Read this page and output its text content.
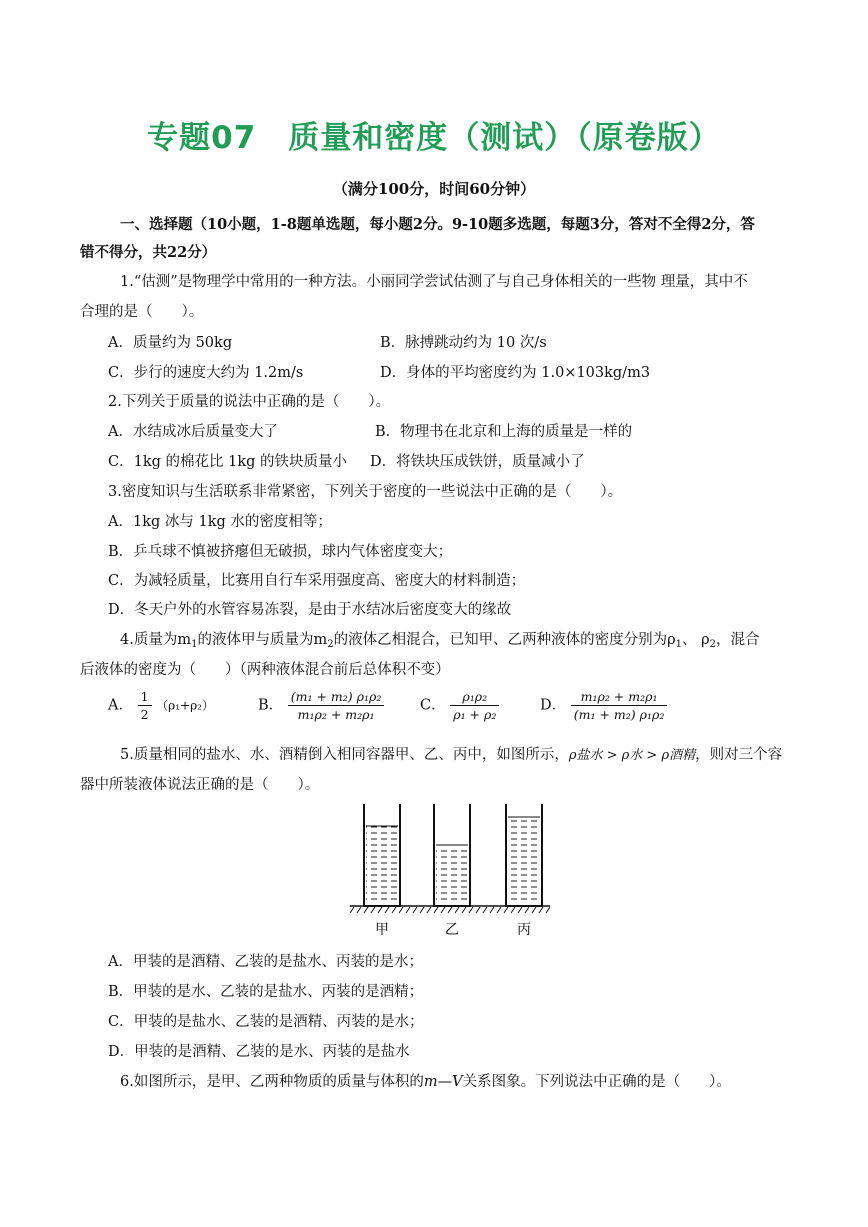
专题07　质量和密度（测试）（原卷版）
（满分100分，时间60分钟）
一、选择题（10小题，1-8题单选题，每小题2分。9-10题多选题，每题3分，答对不全得2分，答
错不得分，共22分）
1.“估测”是物理学中常用的一种方法。小丽同学尝试估测了与自己身体相关的一些物 理量，其中不
合理的是（　　）。
A．质量约为 50kg	B．脉搏跳动约为 10 次/s
C．步行的速度大约为 1.2m/s	D．身体的平均密度约为 1.0×103kg/m3
2.下列关于质量的说法中正确的是（　　）。
A．水结成冰后质量变大了	B．物理书在北京和上海的质量是一样的
C．1kg 的棉花比 1kg 的铁块质量小 D．将铁块压成铁饼，质量减小了
3.密度知识与生活联系非常紧密，下列关于密度的一些说法中正确的是（　　）。
A．1kg 冰与 1kg 水的密度相等；
B．乒乓球不慎被挤瘪但无破损，球内气体密度变大；
C．为减轻质量，比赛用自行车采用强度高、密度大的材料制造；
D．冬天户外的水管容易冻裂，是由于水结冰后密度变大的缘故
4.质量为$m_1$的液体甲与质量为$m_2$的液体乙相混合，已知甲、乙两种液体的密度分别为$\rho_1$、 $\rho_2$，混合
后液体的密度为（　　）（两种液体混合前后总体积不变）
A． $\frac{1}{2} (\rho_1+\rho_2)$	B． $\frac{\text{(m₁ + m₂) ρ₁ρ₂}}{\text{m₁ρ₂ + m₂ρ₁}}$ C． $\frac{\text{ρ₁ρ₂}}{\text{ρ₁ + ρ₂}}$	D． $\frac{\text{m₁ρ₂ + m₂ρ₁}}{\text{(m₁ + m₂) ρ₁ρ₂}}$
5.质量相同的盐水、水、酒精倒入相同容器甲、乙、丙中，如图所示，ρ盐水 > ρ水 > ρ酒精，则对三个容
器中所装液体说法正确的是（　　）。
甲	乙	丙
A．甲装的是酒精、乙装的是盐水、丙装的是水；
B．甲装的是水、乙装的是盐水、丙装的是酒精；
C．甲装的是盐水、乙装的是酒精、丙装的是水；
D．甲装的是酒精、乙装的是水、丙装的是盐水
6.如图所示，是甲、乙两种物质的质量与体积的m—V关系图象。下列说法中正确的是（　　）。
